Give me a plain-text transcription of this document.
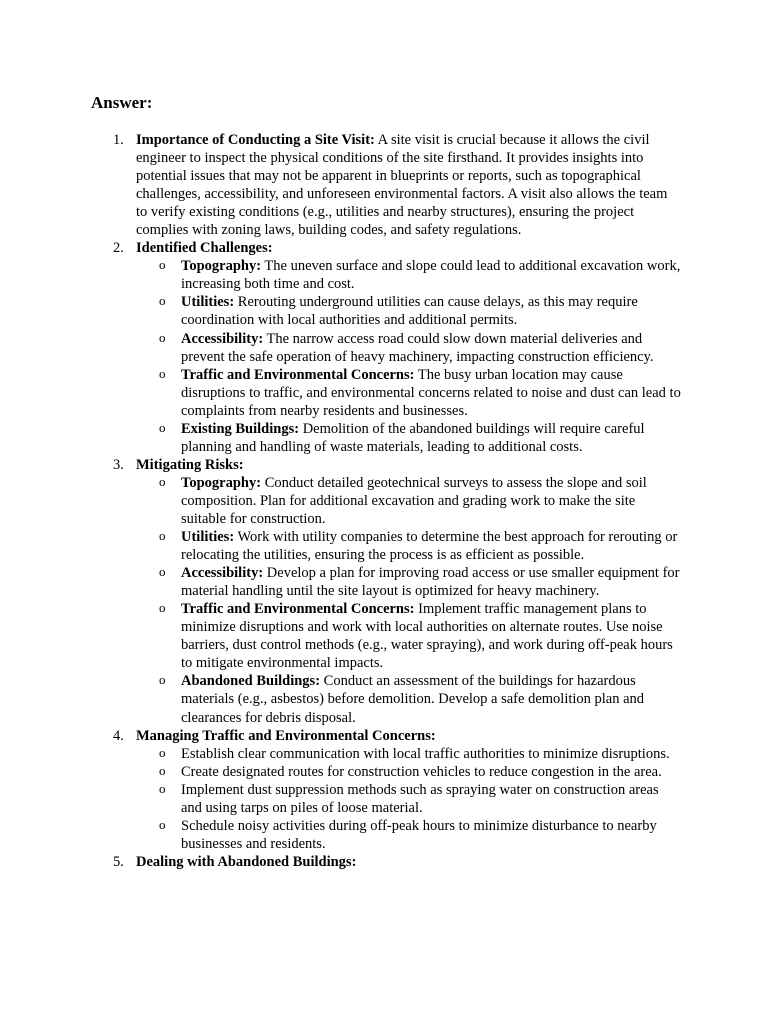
Answer:
1. Importance of Conducting a Site Visit: A site visit is crucial because it allows the civil engineer to inspect the physical conditions of the site firsthand. It provides insights into potential issues that may not be apparent in blueprints or reports, such as topographical challenges, accessibility, and unforeseen environmental factors. A visit also allows the team to verify existing conditions (e.g., utilities and nearby structures), ensuring the project complies with zoning laws, building codes, and safety regulations.
2. Identified Challenges:
o Topography: The uneven surface and slope could lead to additional excavation work, increasing both time and cost.
o Utilities: Rerouting underground utilities can cause delays, as this may require coordination with local authorities and additional permits.
o Accessibility: The narrow access road could slow down material deliveries and prevent the safe operation of heavy machinery, impacting construction efficiency.
o Traffic and Environmental Concerns: The busy urban location may cause disruptions to traffic, and environmental concerns related to noise and dust can lead to complaints from nearby residents and businesses.
o Existing Buildings: Demolition of the abandoned buildings will require careful planning and handling of waste materials, leading to additional costs.
3. Mitigating Risks:
o Topography: Conduct detailed geotechnical surveys to assess the slope and soil composition. Plan for additional excavation and grading work to make the site suitable for construction.
o Utilities: Work with utility companies to determine the best approach for rerouting or relocating the utilities, ensuring the process is as efficient as possible.
o Accessibility: Develop a plan for improving road access or use smaller equipment for material handling until the site layout is optimized for heavy machinery.
o Traffic and Environmental Concerns: Implement traffic management plans to minimize disruptions and work with local authorities on alternate routes. Use noise barriers, dust control methods (e.g., water spraying), and work during off-peak hours to mitigate environmental impacts.
o Abandoned Buildings: Conduct an assessment of the buildings for hazardous materials (e.g., asbestos) before demolition. Develop a safe demolition plan and clearances for debris disposal.
4. Managing Traffic and Environmental Concerns:
o Establish clear communication with local traffic authorities to minimize disruptions.
o Create designated routes for construction vehicles to reduce congestion in the area.
o Implement dust suppression methods such as spraying water on construction areas and using tarps on piles of loose material.
o Schedule noisy activities during off-peak hours to minimize disturbance to nearby businesses and residents.
5. Dealing with Abandoned Buildings:
